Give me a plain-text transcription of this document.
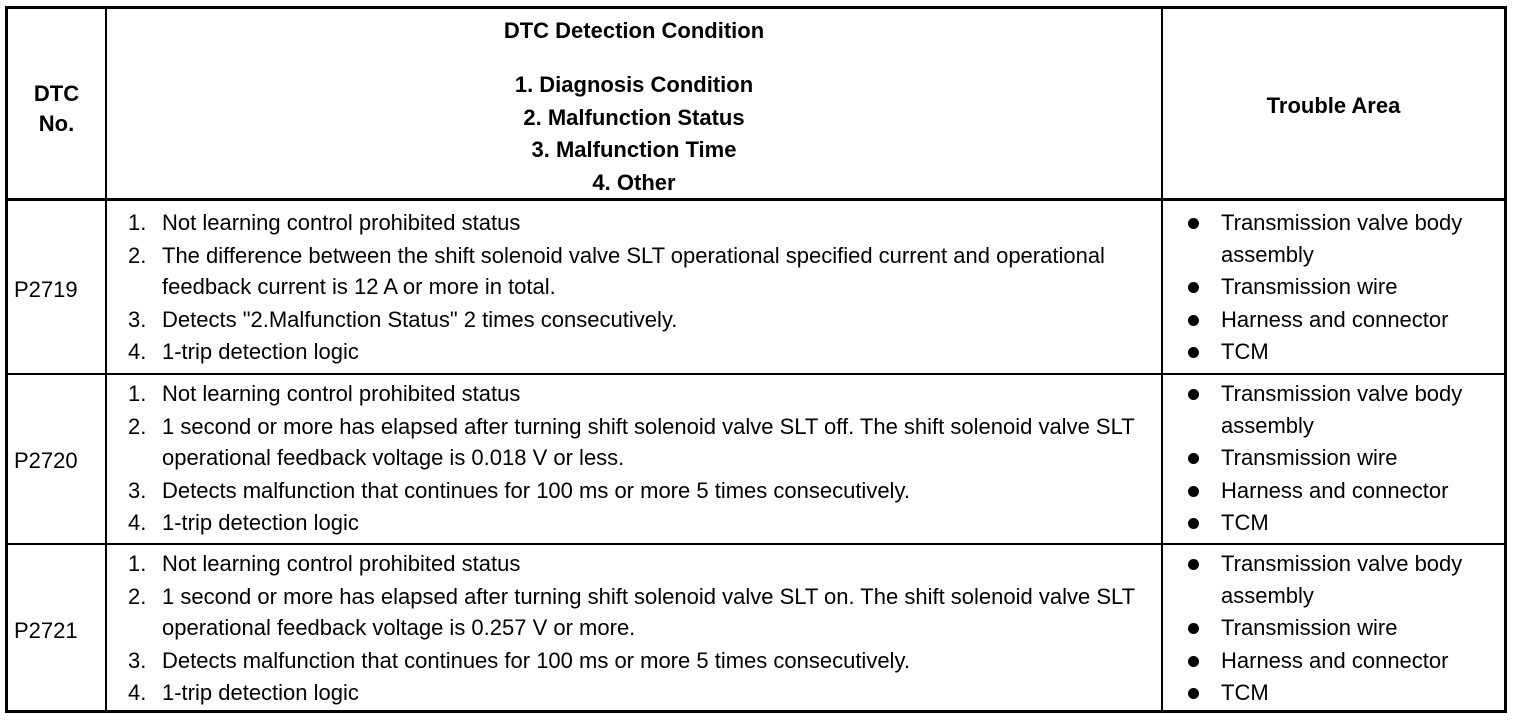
DTC
No.
DTC Detection Condition
1. Diagnosis Condition
2. Malfunction Status
3. Malfunction Time
4. Other
Trouble Area
P2719
1 . Not learning control prohibited status
2 . The difference between the shift solenoid valve SLT operational specified current and operational feedback current is 12 A or more in total.
3 . Detects "2.Malfunction Status" 2 times consecutively.
4 . 1-trip detection logic
Transmission valve body assembly
Transmission wire
Harness and connector
TCM
P2720
1 . Not learning control prohibited status
2 . 1 second or more has elapsed after turning shift solenoid valve SLT off. The shift solenoid valve SLT operational feedback voltage is 0.018 V or less.
3 . Detects malfunction that continues for 100 ms or more 5 times consecutively.
4 . 1-trip detection logic
Transmission valve body assembly
Transmission wire
Harness and connector
TCM
P2721
1 . Not learning control prohibited status
2 . 1 second or more has elapsed after turning shift solenoid valve SLT on. The shift solenoid valve SLT operational feedback voltage is 0.257 V or more.
3 . Detects malfunction that continues for 100 ms or more 5 times consecutively.
4 . 1-trip detection logic
Transmission valve body assembly
Transmission wire
Harness and connector
TCM
